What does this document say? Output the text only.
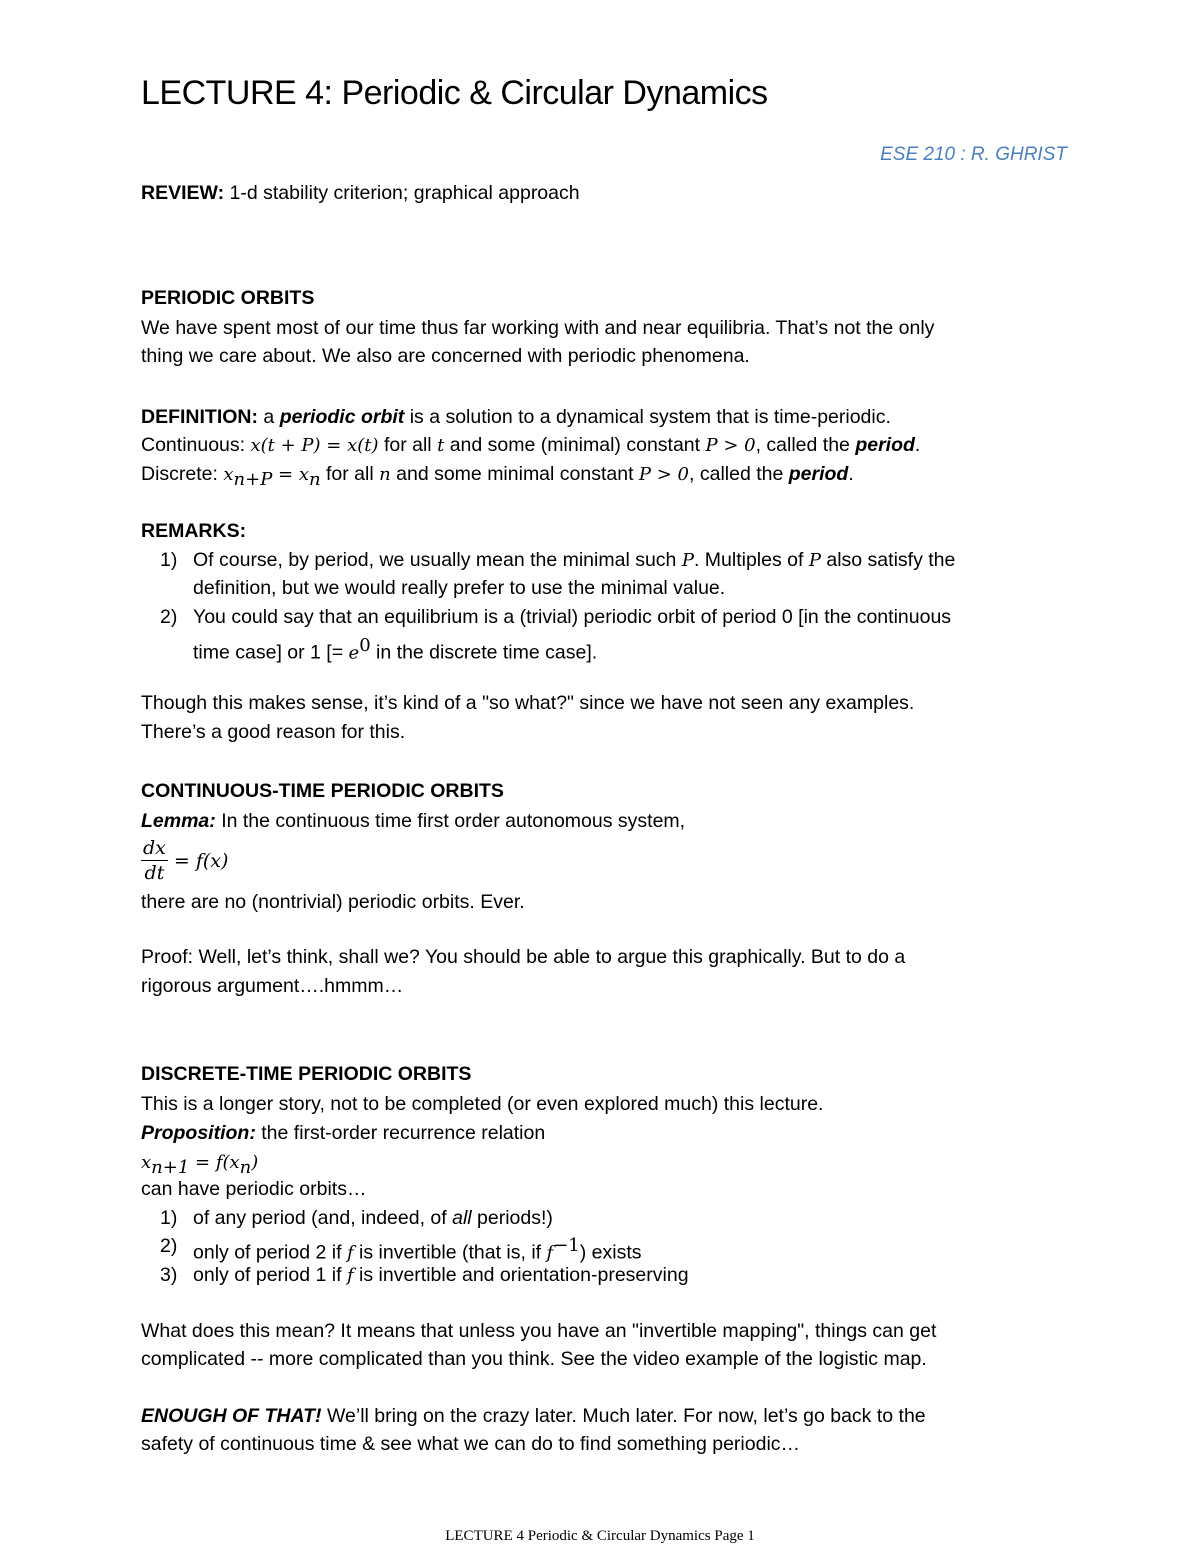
LECTURE 4: Periodic & Circular Dynamics
ESE 210 : R. GHRIST
REVIEW: 1-d stability criterion; graphical approach
PERIODIC ORBITS
We have spent most of our time thus far working with and near equilibria. That’s not the only
thing we care about. We also are concerned with periodic phenomena.
DEFINITION: a periodic orbit is a solution to a dynamical system that is time-periodic.
Continuous: x(t + P) = x(t) for all t and some (minimal) constant P > 0, called the period.
Discrete: $x_{n+P} = x_n$ for all n and some minimal constant P > 0, called the period.
REMARKS:
1) Of course, by period, we usually mean the minimal such P. Multiples of P also satisfy the
definition, but we would really prefer to use the minimal value.
2) You could say that an equilibrium is a (trivial) periodic orbit of period 0 [in the continuous
time case] or 1 [= $e^0$ in the discrete time case].
Though this makes sense, it’s kind of a "so what?" since we have not seen any examples.
There’s a good reason for this.
CONTINUOUS-TIME PERIODIC ORBITS
Lemma: In the continuous time first order autonomous system,
$\frac{dx}{dt} = f(x)$
there are no (nontrivial) periodic orbits. Ever.
Proof: Well, let’s think, shall we? You should be able to argue this graphically. But to do a
rigorous argument….hmmm…
DISCRETE-TIME PERIODIC ORBITS
This is a longer story, not to be completed (or even explored much) this lecture.
Proposition: the first-order recurrence relation
$x_{n+1} = f(x_n)$
can have periodic orbits…
1) of any period (and, indeed, of all periods!)
2) only of period 2 if f is invertible (that is, if $f^{-1}$) exists
3) only of period 1 if f is invertible and orientation-preserving
What does this mean? It means that unless you have an "invertible mapping", things can get
complicated -- more complicated than you think. See the video example of the logistic map.
ENOUGH OF THAT! We’ll bring on the crazy later. Much later. For now, let’s go back to the
safety of continuous time & see what we can do to find something periodic…
LECTURE 4 Periodic & Circular Dynamics Page 1
